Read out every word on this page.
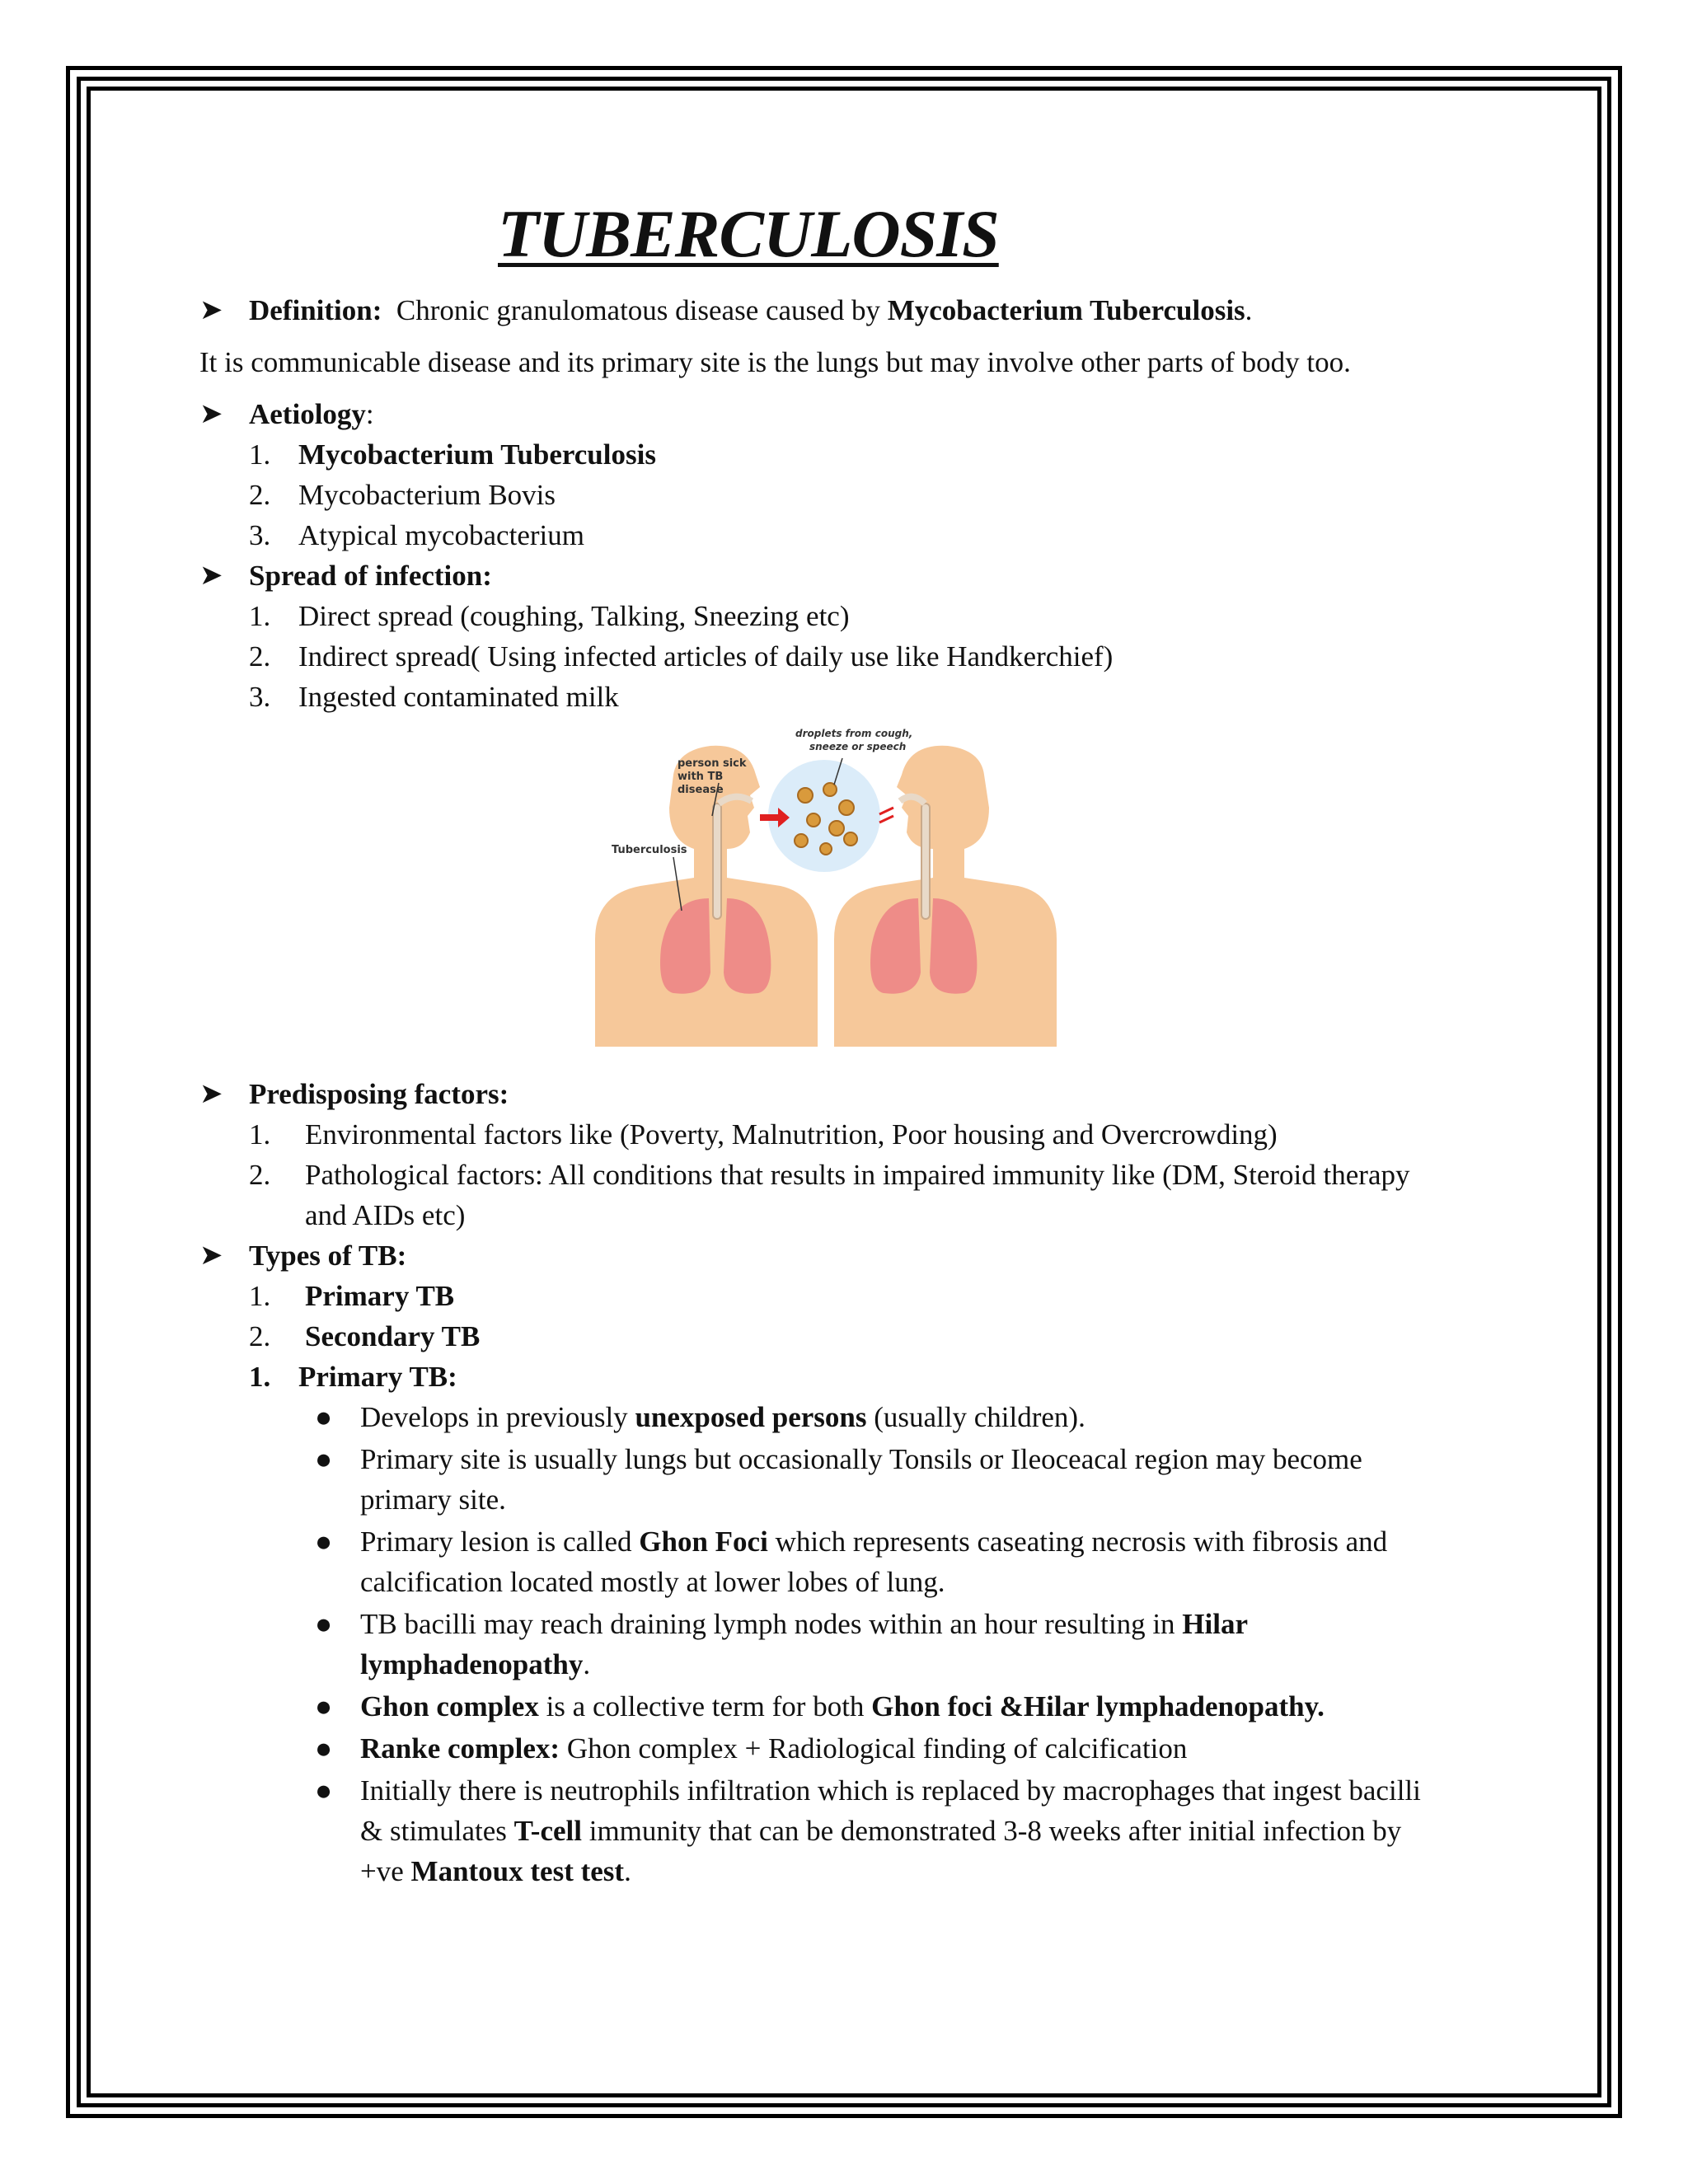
TUBERCULOSIS
➤ Definition: Chronic granulomatous disease caused by Mycobacterium Tuberculosis.
It is communicable disease and its primary site is the lungs but may involve other parts of body too.
➤ Aetiology:
1. Mycobacterium Tuberculosis
2. Mycobacterium Bovis
3. Atypical mycobacterium
➤ Spread of infection:
1. Direct spread (coughing, Talking, Sneezing etc)
2. Indirect spread( Using infected articles of daily use like Handkerchief)
3. Ingested contaminated milk
person sick
with TB
disease
droplets from cough,
sneeze or speech
Tuberculosis
➤ Predisposing factors:
1. Environmental factors like (Poverty, Malnutrition, Poor housing and Overcrowding)
2. Pathological factors: All conditions that results in impaired immunity like (DM, Steroid therapy
and AIDs etc)
➤ Types of TB:
1. Primary TB
2. Secondary TB
1. Primary TB:
● Develops in previously unexposed persons (usually children).
● Primary site is usually lungs but occasionally Tonsils or Ileoceacal region may become
primary site.
● Primary lesion is called Ghon Foci which represents caseating necrosis with fibrosis and
calcification located mostly at lower lobes of lung.
● TB bacilli may reach draining lymph nodes within an hour resulting in Hilar
lymphadenopathy.
● Ghon complex is a collective term for both Ghon foci &Hilar lymphadenopathy.
● Ranke complex: Ghon complex + Radiological finding of calcification
● Initially there is neutrophils infiltration which is replaced by macrophages that ingest bacilli
& stimulates T-cell immunity that can be demonstrated 3-8 weeks after initial infection by
+ve Mantoux test test.
